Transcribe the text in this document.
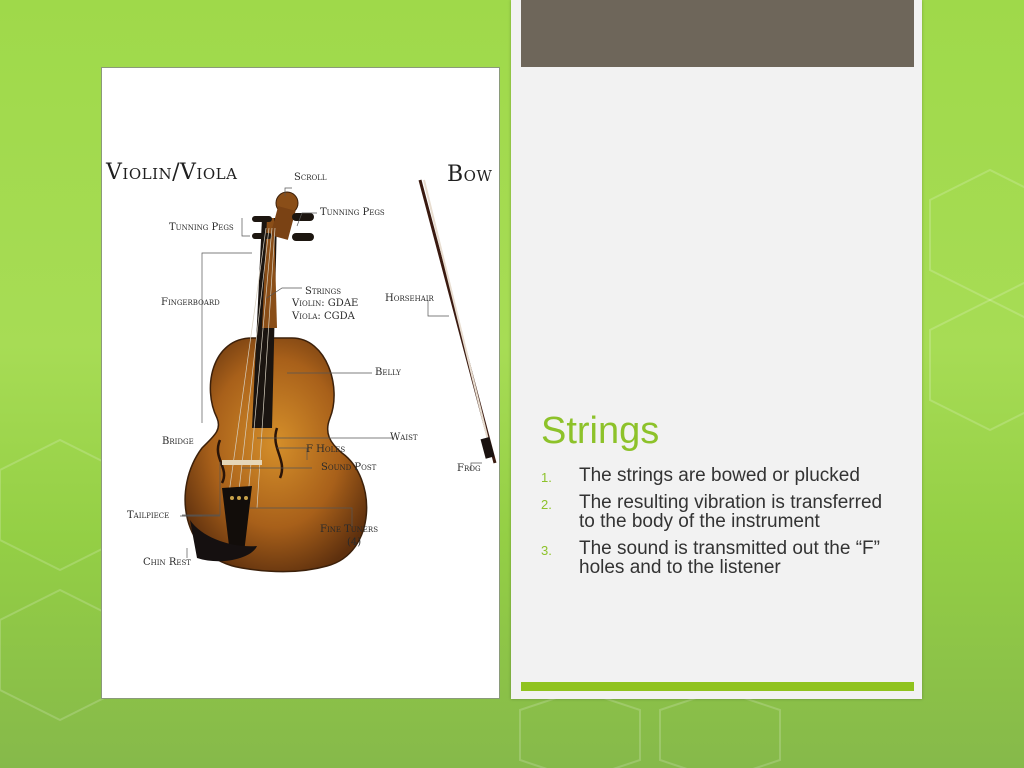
Violin/Viola	Bow
Scroll
Tunning Pegs
Tunning Pegs
Fingerboard
Strings
Violin: GDAE
Viola: CGDA
Belly
Bridge	Waist
F Holes
Sound Post
Tailpiece
Fine Tuners
(4)
Chin Rest
Horsehair
Frog
Strings
1. The strings are bowed or plucked
2. The resulting vibration is transferred to the body of the instrument
3. The sound is transmitted out the “F” holes and to the listener
